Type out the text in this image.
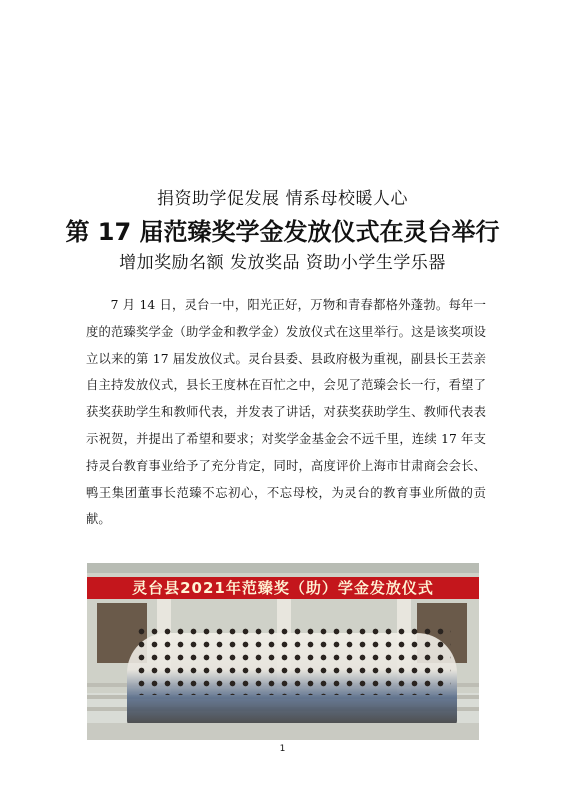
捐资助学促发展 情系母校暖人心
第 17 届范臻奖学金发放仪式在灵台举行
增加奖励名额 发放奖品 资助小学生学乐器
7 月 14 日，灵台一中，阳光正好，万物和青春都格外蓬勃。每年一度的范臻奖学金（助学金和教学金）发放仪式在这里举行。这是该奖项设立以来的第 17 届发放仪式。灵台县委、县政府极为重视，副县长王芸亲自主持发放仪式，县长王度林在百忙之中，会见了范臻会长一行，看望了获奖获助学生和教师代表，并发表了讲话，对获奖获助学生、教师代表表示祝贺，并提出了希望和要求；对奖学金基金会不远千里，连续 17 年支持灵台教育事业给予了充分肯定，同时，高度评价上海市甘肃商会会长、鸭王集团董事长范臻不忘初心，不忘母校，为灵台的教育事业所做的贡献。
灵台县2021年范臻奖（助）学金发放仪式
1
